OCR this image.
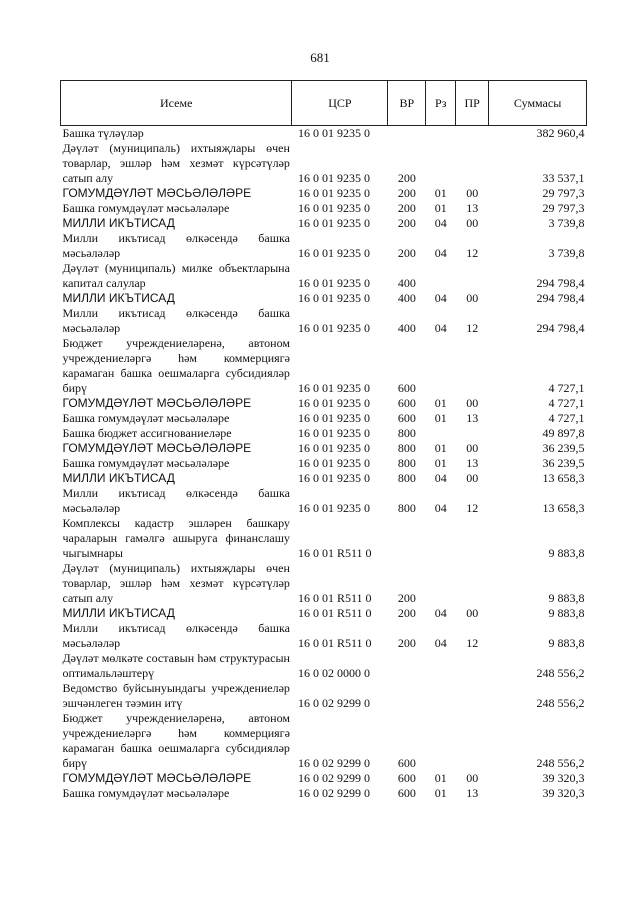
681
Исеме	ЦСР	ВР	Рз	ПР	Суммасы
Башка түләүләр	16 0 01 9235 0				382 960,4
Дәүләт (муниципаль) ихтыяҗлары өчен товарлар, эшләр һәм хезмәт күрсәтүләр сатып алу	16 0 01 9235 0	200			33 537,1
ГОМУМДӘҮЛӘТ МӘСЬӘЛӘЛӘРЕ	16 0 01 9235 0	200	01	00	29 797,3
Башка гомумдәүләт мәсьәләләре	16 0 01 9235 0	200	01	13	29 797,3
МИЛЛИ ИКЪТИСАД	16 0 01 9235 0	200	04	00	3 739,8
Милли икътисад өлкәсендә башка мәсьәләләр	16 0 01 9235 0	200	04	12	3 739,8
Дәүләт (муниципаль) милке объектларына капитал салулар	16 0 01 9235 0	400			294 798,4
МИЛЛИ ИКЪТИСАД	16 0 01 9235 0	400	04	00	294 798,4
Милли икътисад өлкәсендә башка мәсьәләләр	16 0 01 9235 0	400	04	12	294 798,4
Бюджет учреждениеләренә, автоном учреждениеләргә һәм коммерциягә карамаган башка оешмаларга субсидияләр бирү	16 0 01 9235 0	600			4 727,1
ГОМУМДӘҮЛӘТ МӘСЬӘЛӘЛӘРЕ	16 0 01 9235 0	600	01	00	4 727,1
Башка гомумдәүләт мәсьәләләре	16 0 01 9235 0	600	01	13	4 727,1
Башка бюджет ассигнованиеләре	16 0 01 9235 0	800			49 897,8
ГОМУМДӘҮЛӘТ МӘСЬӘЛӘЛӘРЕ	16 0 01 9235 0	800	01	00	36 239,5
Башка гомумдәүләт мәсьәләләре	16 0 01 9235 0	800	01	13	36 239,5
МИЛЛИ ИКЪТИСАД	16 0 01 9235 0	800	04	00	13 658,3
Милли икътисад өлкәсендә башка мәсьәләләр	16 0 01 9235 0	800	04	12	13 658,3
Комплексы кадастр эшләрен башкару чараларын гамәлгә ашыруга финанслашу чыгымнары	16 0 01 R511 0				9 883,8
Дәүләт (муниципаль) ихтыяҗлары өчен товарлар, эшләр һәм хезмәт күрсәтүләр сатып алу	16 0 01 R511 0	200			9 883,8
МИЛЛИ ИКЪТИСАД	16 0 01 R511 0	200	04	00	9 883,8
Милли икътисад өлкәсендә башка мәсьәләләр	16 0 01 R511 0	200	04	12	9 883,8
Дәүләт мөлкәте составын һәм структурасын оптимальләштерү	16 0 02 0000 0				248 556,2
Ведомство буйсынуындагы учреждениеләр эшчәнлеген тәэмин итү	16 0 02 9299 0				248 556,2
Бюджет учреждениеләренә, автоном учреждениеләргә һәм коммерциягә карамаган башка оешмаларга субсидияләр бирү	16 0 02 9299 0	600			248 556,2
ГОМУМДӘҮЛӘТ МӘСЬӘЛӘЛӘРЕ	16 0 02 9299 0	600	01	00	39 320,3
Башка гомумдәүләт мәсьәләләре	16 0 02 9299 0	600	01	13	39 320,3
